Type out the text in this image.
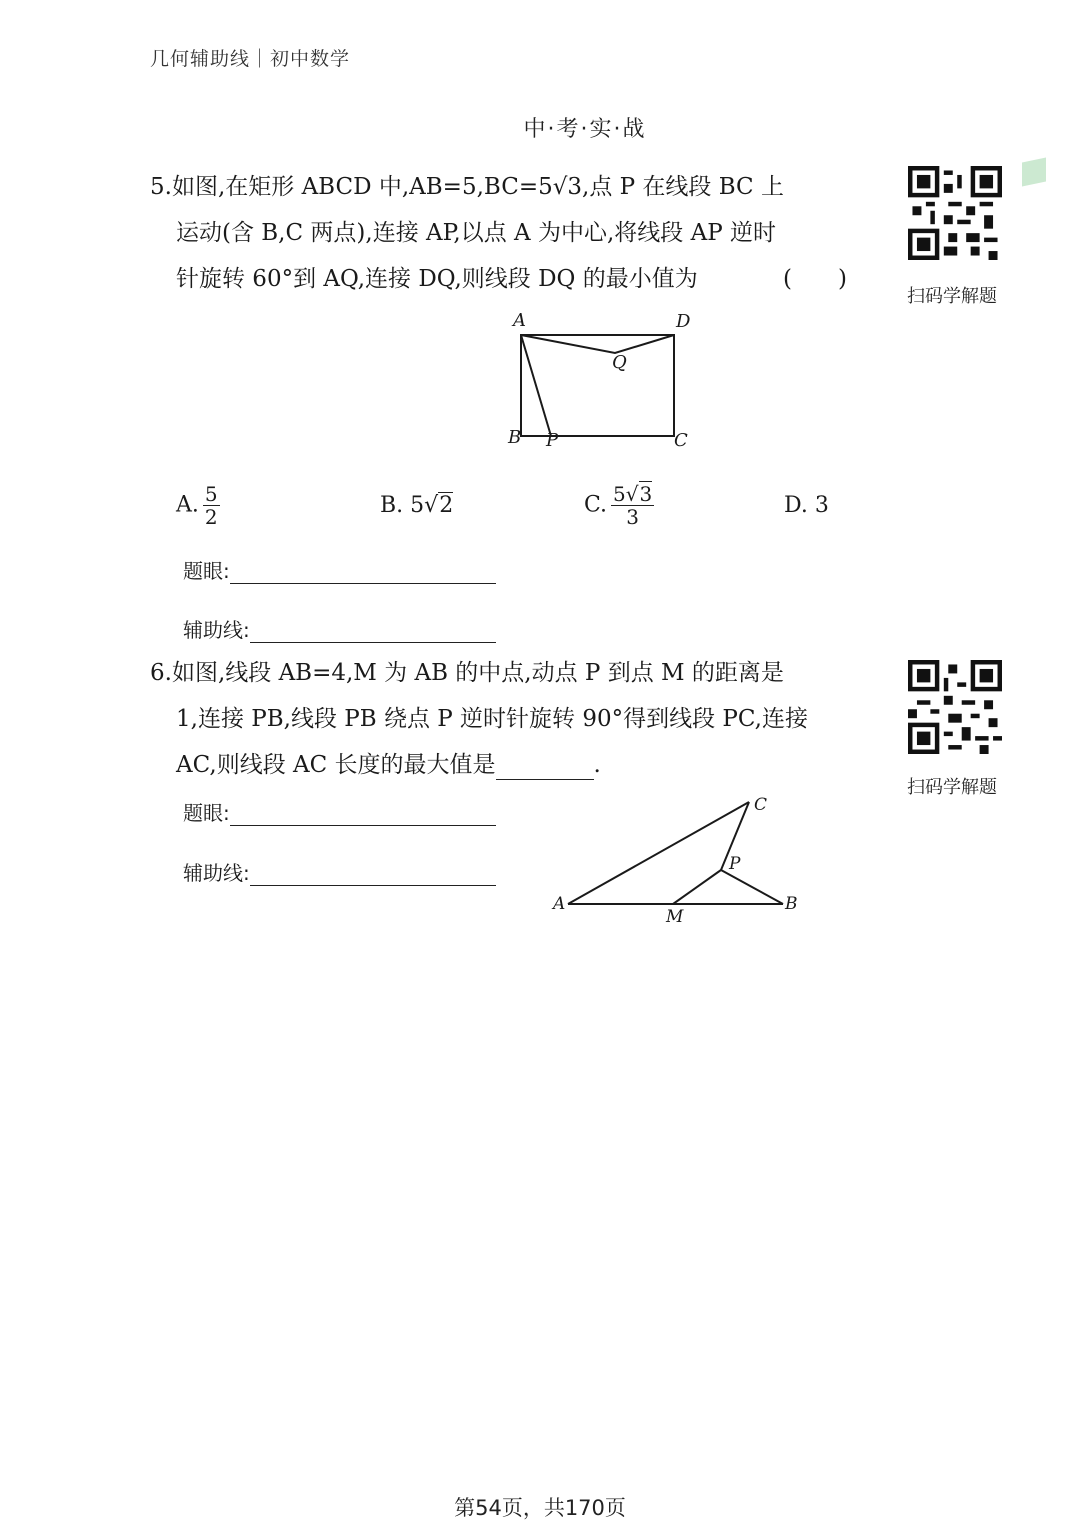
几何辅助线｜初中数学
中·考·实·战
5.如图,在矩形 ABCD 中,AB=5,BC=5√3,点 P 在线段 BC 上
运动(含 B,C 两点),连接 AP,以点 A 为中心,将线段 AP 逆时
针旋转 60°到 AQ,连接 DQ,则线段 DQ 的最小值为	(　　)
扫码学解题
A	D
Q
B P	C
A. $\frac{5}{2}$	B. 5√2	C. $\frac{5√3}{3}$	D. 3
题眼:
辅助线:
6.如图,线段 AB=4,M 为 AB 的中点,动点 P 到点 M 的距离是
1,连接 PB,线段 PB 绕点 P 逆时针旋转 90°得到线段 PC,连接
AC,则线段 AC 长度的最大值是	.
扫码学解题
题眼:
辅助线:
A	B
C
M
P
第54页，共170页
